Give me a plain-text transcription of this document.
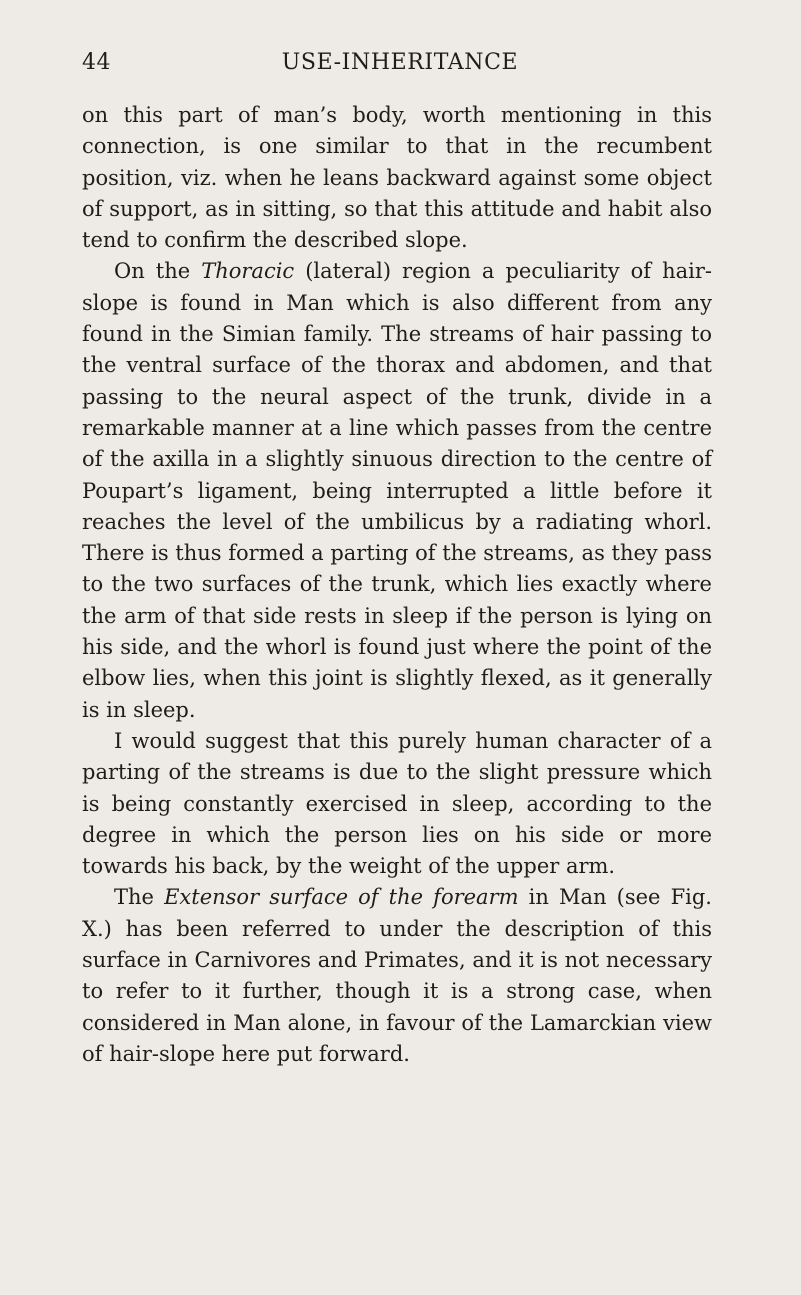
44	USE-INHERITANCE

on this part of man’s body, worth mentioning in this connection, is one similar to that in the recumbent position, viz. when he leans backward against some object of support, as in sitting, so that this attitude and habit also tend to confirm the described slope.

On the Thoracic (lateral) region a peculiarity of hair-slope is found in Man which is also different from any found in the Simian family. The streams of hair passing to the ventral surface of the thorax and abdomen, and that passing to the neural aspect of the trunk, divide in a remarkable manner at a line which passes from the centre of the axilla in a slightly sinuous direction to the centre of Poupart’s ligament, being interrupted a little before it reaches the level of the umbilicus by a radiating whorl. There is thus formed a parting of the streams, as they pass to the two surfaces of the trunk, which lies exactly where the arm of that side rests in sleep if the person is lying on his side, and the whorl is found just where the point of the elbow lies, when this joint is slightly flexed, as it generally is in sleep.

I would suggest that this purely human character of a parting of the streams is due to the slight pressure which is being constantly exercised in sleep, according to the degree in which the person lies on his side or more towards his back, by the weight of the upper arm.

The Extensor surface of the forearm in Man (see Fig. X.) has been referred to under the description of this surface in Carnivores and Primates, and it is not necessary to refer to it further, though it is a strong case, when considered in Man alone, in favour of the Lamarckian view of hair-slope here put forward.
